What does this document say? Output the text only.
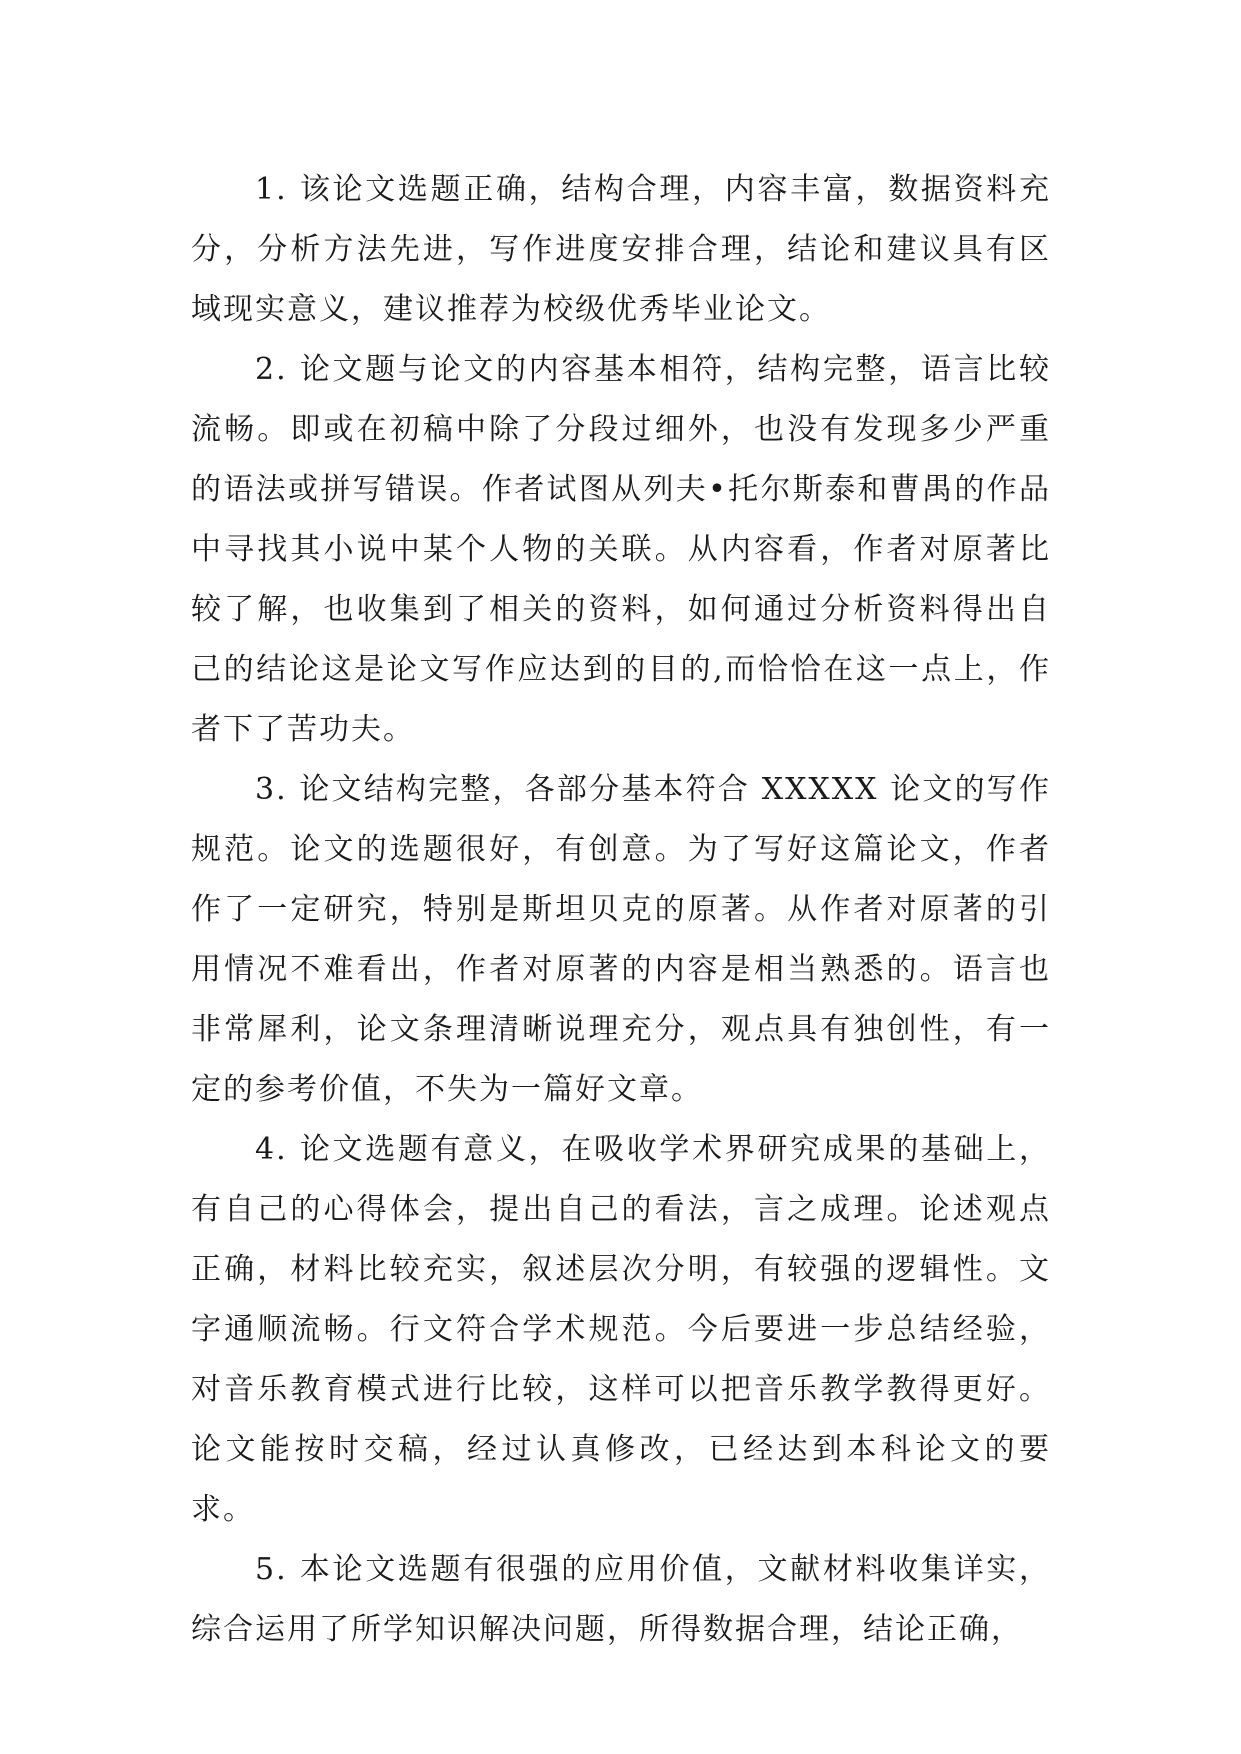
1. 该论文选题正确，结构合理，内容丰富，数据资料充分，分析方法先进，写作进度安排合理，结论和建议具有区域现实意义，建议推荐为校级优秀毕业论文。

2. 论文题与论文的内容基本相符，结构完整，语言比较流畅。即或在初稿中除了分段过细外，也没有发现多少严重的语法或拼写错误。作者试图从列夫•托尔斯泰和曹禺的作品中寻找其小说中某个人物的关联。从内容看，作者对原著比较了解，也收集到了相关的资料，如何通过分析资料得出自己的结论这是论文写作应达到的目的,而恰恰在这一点上，作者下了苦功夫。

3. 论文结构完整，各部分基本符合 XXXXX 论文的写作规范。论文的选题很好，有创意。为了写好这篇论文，作者作了一定研究，特别是斯坦贝克的原著。从作者对原著的引用情况不难看出，作者对原著的内容是相当熟悉的。语言也非常犀利，论文条理清晰说理充分，观点具有独创性，有一定的参考价值，不失为一篇好文章。

4. 论文选题有意义，在吸收学术界研究成果的基础上，有自己的心得体会，提出自己的看法，言之成理。论述观点正确，材料比较充实，叙述层次分明，有较强的逻辑性。文字通顺流畅。行文符合学术规范。今后要进一步总结经验，对音乐教育模式进行比较，这样可以把音乐教学教得更好。论文能按时交稿，经过认真修改，已经达到本科论文的要求。

5. 本论文选题有很强的应用价值，文献材料收集详实，综合运用了所学知识解决问题，所得数据合理，结论正确，
